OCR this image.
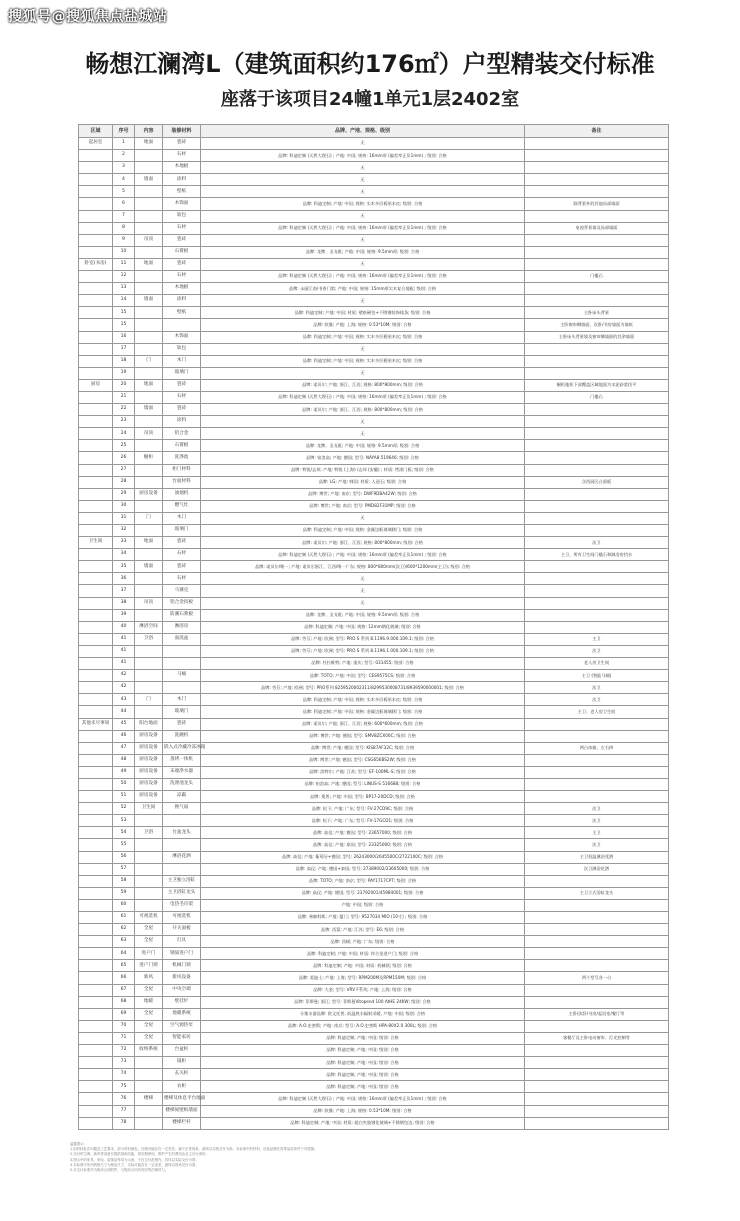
搜狐号@搜狐焦点盐城站
畅想江澜湾L（建筑面积约176㎡）户型精装交付标准
座落于该项目24幢1单元1层2402室
区域	序号	内容	装修材料	品牌、产地、规格、级别	备注
起居室	1	地面	瓷砖	无	
	2		石材	品牌: 科迪定制 (天然大理石) ; 产地: 中国; 规格: 16mm厚 (偏差率正负1mm) ; 级别: 合格	
	3		木地板	无	
	4	墙面	涂料	无	
	5		壁纸	无	
	6		木饰面	品牌: 科迪定制; 产地: 中国; 规格: 实木多层板贴木皮; 级别: 合格	除背景外的其他局部墙面
	7		软包	无	
	8		石材	品牌: 科迪定制 (天然大理石) ; 产地: 中国; 规格: 16mm厚 (偏差率正负1mm) ; 级别: 合格	电视背景墙及局部墙面
	9	吊顶	瓷砖	无	
	10		石膏板	品牌: 龙牌、圣戈班; 产地: 中国; 规格: 9.5mm厚; 级别: 合格	
卧室(书房)	11	地面	瓷砖	无	
	12		石材	品牌: 科迪定制 (天然大理石) ; 产地: 中国; 规格: 16mm厚 (偏差率正负1mm) ; 级别: 合格	门槛石
	13		木地板	品牌: 永丽江南/书香门第; 产地: 中国; 规格: 15mm厚实木复合地板; 级别: 合格	
	14	墙面	涂料	无	
	15		壁纸	品牌: 科迪定制; 产地: 中国; 材质: 壁纸硬包+不锈钢装饰线条; 级别: 合格	主卧床头背景
	15			品牌: 欧雅; 产地: 上海; 规格: 0.53*10M; 级别: 合格	主卧窗帘侧墙面、次卧/书房墙面为墙纸
	16		木饰面	品牌: 科迪定制; 产地: 中国; 规格: 实木多层板贴木皮; 级别: 合格	主卧床头背景墙及窗帘侧墙面的其余墙面
	17		软包	无	
	18	门	木门	品牌: 科迪定制; 产地: 中国; 规格: 实木多层板贴木皮; 级别: 合格	
	19		玻璃门	无	
厨房	20	地面	瓷砖	品牌: 诺贝尔; 产地: 浙江、江西; 规格: 800*800mm; 级别: 合格	橱柜地柜下部覆盖区域地面为水泥砂浆找平
	21		石材	品牌: 科迪定制 (天然大理石) ; 产地: 中国; 规格: 16mm厚 (偏差率正负1mm) ; 级别: 合格	门槛石
	22	墙面	瓷砖	品牌: 诺贝尔; 产地: 浙江、江西; 规格: 800*800mm; 级别: 合格	
	23		涂料	无	
	24	吊顶	铝合金	无	
	25		石膏板	品牌: 龙牌、圣戈班; 产地: 中国; 规格: 9.5mm厚; 级别: 合格	
	26	橱柜	洗涤池	品牌: 铂浪高; 产地: 德国; 型号: NAYA8 519646; 级别: 合格	
	27		柜门材料	品牌: 特锐/志邦; 产地: 特锐 (上海) /志邦 (安徽) ; 材质: 烤漆门板; 级别: 合格	
	28		台面材料	品牌: LG; 产地: 韩国; 材质: 人造石; 级别: 合格	含西厨区台面板
	29	厨房设备	油烟机	品牌: 博世; 产地: 南京; 型号: DWF9DBA42W; 级别: 合格	
	30		燃气灶	品牌: 博世; 产地: 南京; 型号: PMD82F31MP; 级别: 合格	
	31	门	木门	无	
	32		玻璃门	品牌: 科迪定制; 产地: 中国; 规格: 金属边框玻璃移门; 级别: 合格	
卫生间	33	地面	瓷砖	品牌: 诺贝尔; 产地: 浙江、江西; 规格: 800*800mm; 级别: 合格	次卫
	34		石材	品牌: 科迪定制 (天然大理石) ; 产地: 中国; 规格: 16mm厚 (偏差率正负1mm) ; 级别: 合格	主卫、所有卫生间门槛石和淋浴房挡水
	35	墙面	瓷砖	品牌: 诺贝尔/唯一; 产地: 诺贝尔浙江、江西/唯一广东; 规格: 800*800mm(次卫)/600*1200mm(主卫); 级别: 合格	
	36		石材	无	
	37		马赛克	无	
	38	吊顶	铝合金扣板	无	
	39		防潮石膏板	品牌: 龙牌、圣戈班; 产地: 中国; 规格: 9.5mm厚; 级别: 合格	
	40	淋浴空间	淋浴房	品牌: 科迪定制; 产地: 中国; 规格: 12mm钢化玻璃; 级别: 合格	
	41	卫浴	面洗盆	品牌: 劳芬; 产地: 欧洲; 型号: PRO S 系列 8.1196.9.000.109.1; 级别: 合格	主卫
	41			品牌: 劳芬; 产地: 欧洲; 型号: PRO S 系列 8.1196.1.000.109.1; 级别: 合格	次卫
	41			品牌: 杜拉维特; 产地: 重庆; 型号: 031455; 级别: 合格	老人房卫生间
	42		马桶	品牌: TOTO; 产地: 中国; 型号: CES9575CS; 级别: 合格	主卫 (智能马桶)
	42			品牌: 劳芬; 产地: 欧洲; 型号: PRO系列 8259520002311/8299530008731/8939590000001; 级别: 合格	次卫
	43	门	木门	品牌: 科迪定制; 产地: 中国; 规格: 实木多层板贴木皮; 级别: 合格	次卫
	44		玻璃门	品牌: 科迪定制; 产地: 中国; 规格: 金属边框玻璃移门; 级别: 合格	主卫、老人房卫生间
其他未尽事项	45	阳台地面	瓷砖	品牌: 诺贝尔; 产地: 浙江、江西; 规格: 600*600mm; 级别: 合格	
	46	厨房设备	洗碗机	品牌: 博世; 产地: 德国; 型号: SMV8ZCX00C; 级别: 合格	
	47	厨房设备	嵌入式冷藏冷冻冰箱	品牌: 博世; 产地: 德国; 型号: KIS87AF32C; 级别: 合格	两台冰箱，左右拼
	48	厨房设备	蒸烤一体机	品牌: 博世; 产地: 德国; 型号: CSG656BS2W; 级别: 合格	
	49	厨房设备	末端净水器	品牌: 滨特尔; 产地: 江苏; 型号: EF-100ML-S; 级别: 合格	
	50	厨房设备	洗涤池龙头	品牌: 铂浪高; 产地: 德国; 型号: LINUS-S 516688; 级别: 合格	
	51	厨房设备	凉霸	品牌: 奥普; 产地: 中国; 型号: BP17-20DCD; 级别: 合格	
	52	卫生间	换气扇	品牌: 松下; 产地: 广东; 型号: FV-27CD9C; 级别: 合格	次卫
	53			品牌: 松下; 产地: 广东; 型号: FV-17GCD1; 级别: 合格	次卫
	54	卫浴	台盆龙头	品牌: 高仪; 产地: 德国; 型号: 23657000; 级别: 合格	主卫
	55			品牌: 高仪; 产地: 泰国; 型号: 23325000; 级别: 合格	次卫
	56		淋浴花洒	品牌: 高仪; 产地: 葡萄牙+德国; 型号: 26243000/2645500C/2722100C; 级别: 合格	主卫恒温淋浴花洒
	57			品牌: 高仪; 产地: 德国+泰国; 型号: 27389002/23605000; 级别: 合格	次卫淋浴花洒
	58		主卫独立浴缸	品牌: TOTO; 产地: 南京; 型号: PAY1717CPT; 级别: 合格	
	59		主卫浴缸龙头	品牌: 高仪; 产地: 德国; 型号: 23792001/45984001; 级别: 合格	主卫立式浴缸龙头
	60		电热毛巾架	产地: 中国; 级别: 合格	
	61	可视选机	可视选机	品牌: 弗赫科斯; 产地: 厦门; 型号: 9527034 MIO (10寸) ; 级别: 合格	
	62	全屋	开关面板	品牌: 西蒙; 产地: 江苏; 型号: E6; 级别: 合格	
	63	全屋	灯具	品牌: 西顿; 产地: 广东; 级别: 合格	
	64	进户门	钢质进户门	品牌: 科迪定制; 产地: 中国; 材质: 锌合金进户门; 级别: 合格	
	65	进户门锁	机械门锁	品牌: 科迪定制; 产地: 中国; 材质: 机械锁; 级别: 合格	
	66	新风	新风设备	品牌: 爱迪士; 产地: 上海; 型号: RPM200M及RPM150M; 级别: 合格	两个型号各一台
	67	全屋	中央空调	品牌: 大金; 型号: VRV F系列; 产地: 上海; 级别: 合格	
	68	地暖	壁挂炉	品牌: 菲斯曼; 浙江; 型号: 菲斯曼Vitopend 100 AtHE 24KW; 级别: 合格	
	69	全屋	地暖系统	分集水器品牌: 欧文托普, 低温热水辐射采暖, 产地: 中国; 级别: 合格	主卧/次卧/书房/起居室/餐厅等
	70	全屋	空气源热泵	品牌: A.O.史密斯; 产地: 南京; 型号: A.O.史密斯 HPA-80X2.0 300L; 级别: 合格	
	71	全屋	智能家居	品牌: 科迪定制; 产地: 中国; 级别: 合格	客餐厅及主卧电动窗帘、灯光控制等
	72	收纳系统	台盆柜	品牌: 科迪定制; 产地: 中国; 级别: 合格	
	73		镜柜	品牌: 科迪定制; 产地: 中国; 级别: 合格	
	74		玄关柜	品牌: 科迪定制; 产地: 中国; 级别: 合格	
	75		衣柜	品牌: 科迪定制; 产地: 中国; 级别: 合格	
	76	楼梯	楼梯及休息平台地面	品牌: 科迪定制 (天然大理石) ; 产地: 中国; 规格: 16mm厚 (偏差率正负1mm) ; 级别: 合格	
	77		楼梯间壁纸墙面	品牌: 欧雅; 产地: 上海; 规格: 0.53*10M; 级别: 合格	
	78		楼梯栏杆	品牌: 科迪定制; 产地: 中国; 材质: 超白夹胶钢化玻璃+不锈钢包边; 级别: 合格	
温馨提示:
1.因材料批次问题及工艺要求，部分材料颜色、纹理可能存在一定差异，属于正常现象，最终以实物交付为准；本标准中的材料、设备品牌在同等品质条件下可替换；
2.交付时空调、新风等设备仅提供基础功能，因后期使用、维护产生的费用由业主自行承担；
3.图示中的家具、家电、装饰品等均为示意，不在交付范围内，具体以实际交付为准；
4.本标准中所列规格尺寸为理论尺寸，实际可能存在一定误差，最终以现场交付为准；
5.本交付标准作为购房合同附件，与购房合同具有同等法律效力。
